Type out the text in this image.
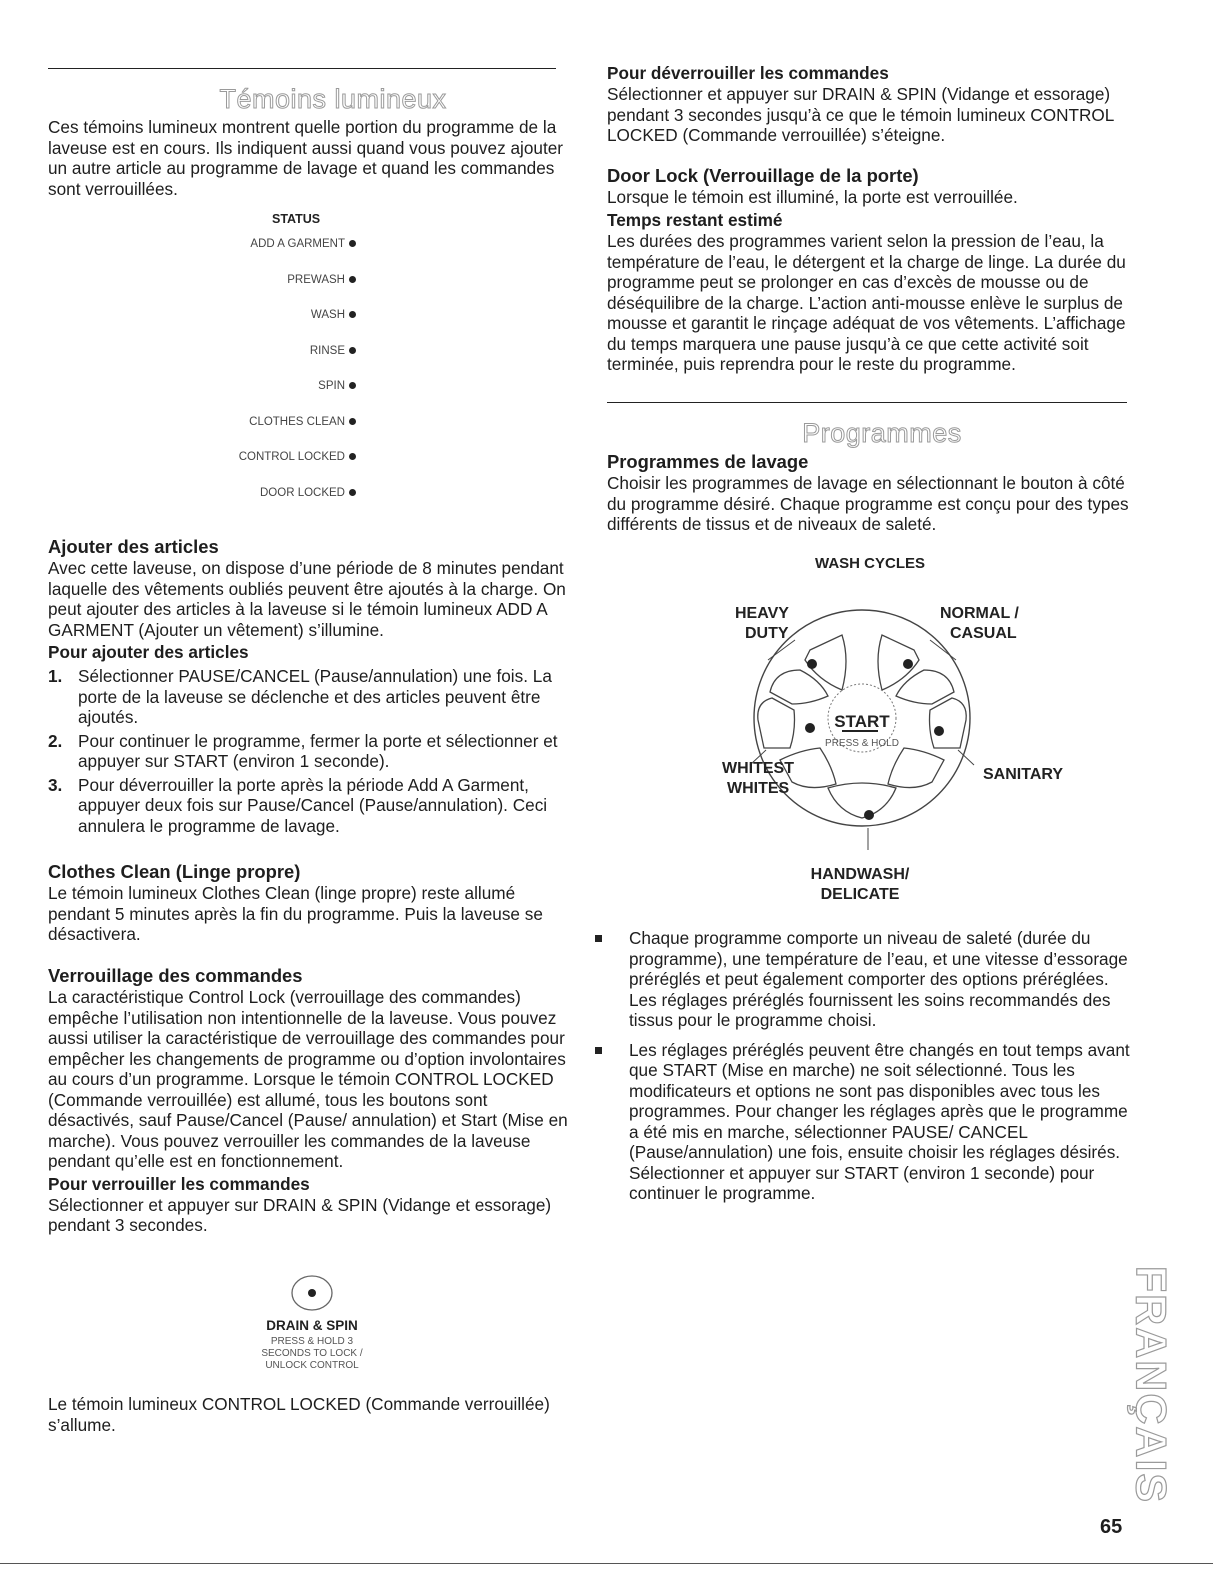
Témoins lumineux

Ces témoins lumineux montrent quelle portion du programme de la laveuse est en cours. Ils indiquent aussi quand vous pouvez ajouter un autre article au programme de lavage et quand les commandes sont verrouillées.

STATUS
ADD A GARMENT
PREWASH
WASH
RINSE
SPIN
CLOTHES CLEAN
CONTROL LOCKED
DOOR LOCKED
Ajouter des articles

Avec cette laveuse, on dispose d’une période de 8 minutes pendant laquelle des vêtements oubliés peuvent être ajoutés à la charge. On peut ajouter des articles à la laveuse si le témoin lumineux ADD A GARMENT (Ajouter un vêtement) s’illumine.

Pour ajouter des articles
1. Sélectionner PAUSE/CANCEL (Pause/annulation) une fois. La porte de la laveuse se déclenche et des articles peuvent être ajoutés.
2. Pour continuer le programme, fermer la porte et sélectionner et appuyer sur START (environ 1 seconde).
3. Pour déverrouiller la porte après la période Add A Garment, appuyer deux fois sur Pause/Cancel (Pause/annulation). Ceci annulera le programme de lavage.
Clothes Clean (Linge propre)

Le témoin lumineux Clothes Clean (linge propre) reste allumé pendant 5 minutes après la fin du programme. Puis la laveuse se désactivera.

Verrouillage des commandes

La caractéristique Control Lock (verrouillage des commandes) empêche l’utilisation non intentionnelle de la laveuse. Vous pouvez aussi utiliser la caractéristique de verrouillage des commandes pour empêcher les changements de programme ou d’option involontaires au cours d’un programme. Lorsque le témoin CONTROL LOCKED (Commande verrouillée) est allumé, tous les boutons sont désactivés, sauf Pause/Cancel (Pause/ annulation) et Start (Mise en marche). Vous pouvez verrouiller les commandes de la laveuse pendant qu’elle est en fonctionnement.

Pour verrouiller les commandes

Sélectionner et appuyer sur DRAIN & SPIN (Vidange et essorage) pendant 3 secondes.

DRAIN & SPIN
PRESS & HOLD 3
SECONDS TO LOCK /
UNLOCK CONTROL

Le témoin lumineux CONTROL LOCKED (Commande verrouillée) s’allume.

Pour déverrouiller les commandes

Sélectionner et appuyer sur DRAIN & SPIN (Vidange et essorage) pendant 3 secondes jusqu’à ce que le témoin lumineux CONTROL LOCKED (Commande verrouillée) s’éteigne.

Door Lock (Verrouillage de la porte)

Lorsque le témoin est illuminé, la porte est verrouillée.

Temps restant estimé

Les durées des programmes varient selon la pression de l’eau, la température de l’eau, le détergent et la charge de linge. La durée du programme peut se prolonger en cas d’excès de mousse ou de déséquilibre de la charge. L’action anti-mousse enlève le surplus de mousse et garantit le rinçage adéquat de vos vêtements. L’affichage du temps marquera une pause jusqu’à ce que cette activité soit terminée, puis reprendra pour le reste du programme.

Programmes
Programmes de lavage

Choisir les programmes de lavage en sélectionnant le bouton à côté du programme désiré. Chaque programme est conçu pour des types différents de tissus et de niveaux de saleté.

WASH CYCLES
START
PRESS & HOLD
HEAVY
DUTY
NORMAL /
CASUAL
WHITEST
WHITES
SANITARY
HANDWASH/
DELICATE
Chaque programme comporte un niveau de saleté (durée du programme), une température de l’eau, et une vitesse d’essorage préréglés et peut également comporter des options préréglées. Les réglages préréglés fournissent les soins recommandés des tissus pour le programme choisi.
Les réglages préréglés peuvent être changés en tout temps avant que START (Mise en marche) ne soit sélectionné. Tous les modificateurs et options ne sont pas disponibles avec tous les programmes. Pour changer les réglages après que le programme a été mis en marche, sélectionner PAUSE/ CANCEL (Pause/annulation) une fois, ensuite choisir les réglages désirés. Sélectionner et appuyer sur START (environ 1 seconde) pour continuer le programme.
FRANÇAIS
65
